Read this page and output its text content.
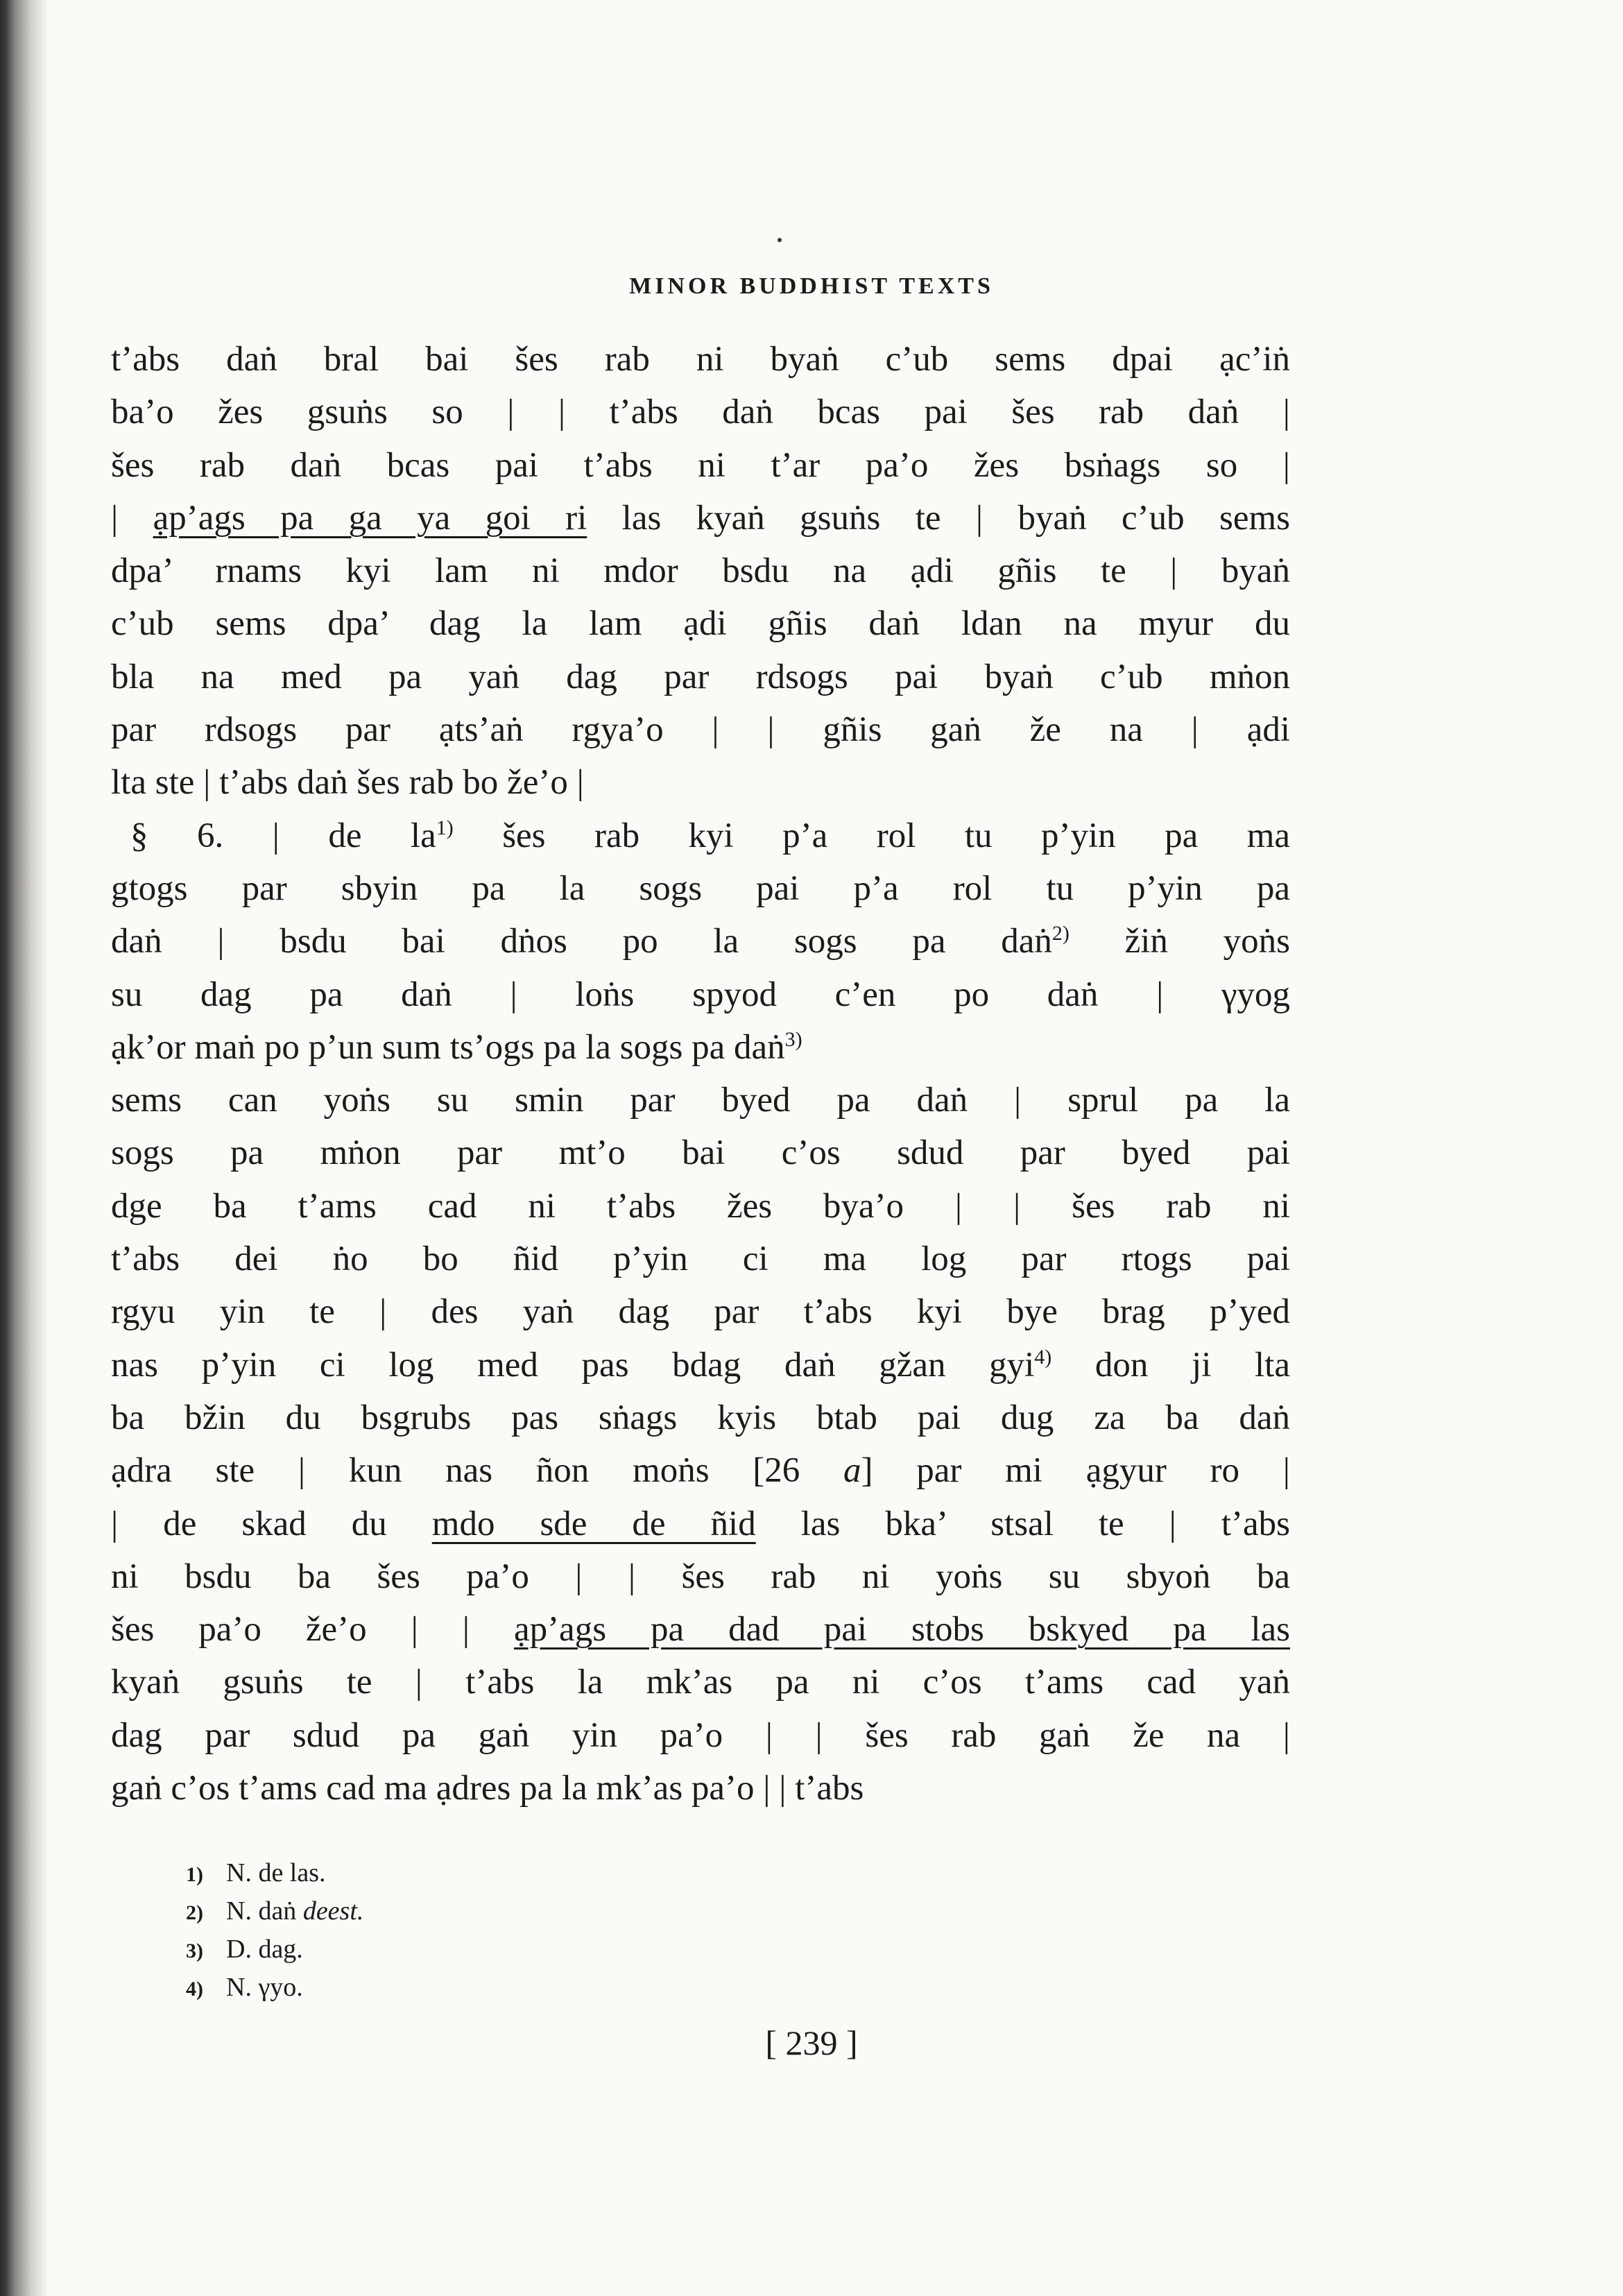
MINOR BUDDHIST TEXTS
t’abs daṅ bral bai šes rab ni byaṅ c’ub sems dpai ạc’iṅ
ba’o žes gsuṅs so | | t’abs daṅ bcas pai šes rab daṅ |
šes rab daṅ bcas pai t’abs ni t’ar pa’o žes bsṅags so |
| ạp’ags pa ga ya goi ri las kyaṅ gsuṅs te | byaṅ c’ub sems
dpa’ rnams kyi lam ni mdor bsdu na ạdi gñis te | byaṅ
c’ub sems dpa’ dag la lam ạdi gñis daṅ ldan na myur du
bla na med pa yaṅ dag par rdsogs pai byaṅ c’ub mṅon
par rdsogs par ạts’aṅ rgya’o | | gñis gaṅ že na | ạdi
lta ste | t’abs daṅ šes rab bo že’o |
§ 6. | de $la^{1)}$ šes rab kyi p’a rol tu p’yin pa ma
gtogs par sbyin pa la sogs pai p’a rol tu p’yin pa
daṅ | bsdu bai dṅos po la sogs pa daṅ$^{2)}$ žiṅ yoṅs
su dag pa daṅ | loṅs spyod c’en po daṅ | γyog
ạk’or maṅ po p’un sum ts’ogs pa la sogs pa daṅ$^{3)}$
sems can yoṅs su smin par byed pa daṅ | sprul pa la
sogs pa mṅon par mt’o bai c’os sdud par byed pai
dge ba t’ams cad ni t’abs žes bya’o | | šes rab ni
t’abs dei ṅo bo ñid p’yin ci ma log par rtogs pai
rgyu yin te | des yaṅ dag par t’abs kyi bye brag p’yed
nas p’yin ci log med pas bdag daṅ gžan gyi$^{4)}$ don ji lta
ba bžin du bsgrubs pas sṅags kyis btab pai dug za ba daṅ
ạdra ste | kun nas ñon moṅs [26 a] par mi ạgyur ro |
| de skad du mdo sde de ñid las bka’ stsal te | t’abs
ni bsdu ba šes pa’o | | šes rab ni yoṅs su sbyoṅ ba
šes pa’o že’o | | ạp’ags pa dad pai stobs bskyed pa las
kyaṅ gsuṅs te | t’abs la mk’as pa ni c’os t’ams cad yaṅ
dag par sdud pa gaṅ yin pa’o | | šes rab gaṅ že na |
gaṅ c’os t’ams cad ma ạdres pa la mk’as pa’o | | t’abs
1) N. de las.
2) N. daṅ deest.
3) D. dag.
4) N. γyo.
[ 239 ]
